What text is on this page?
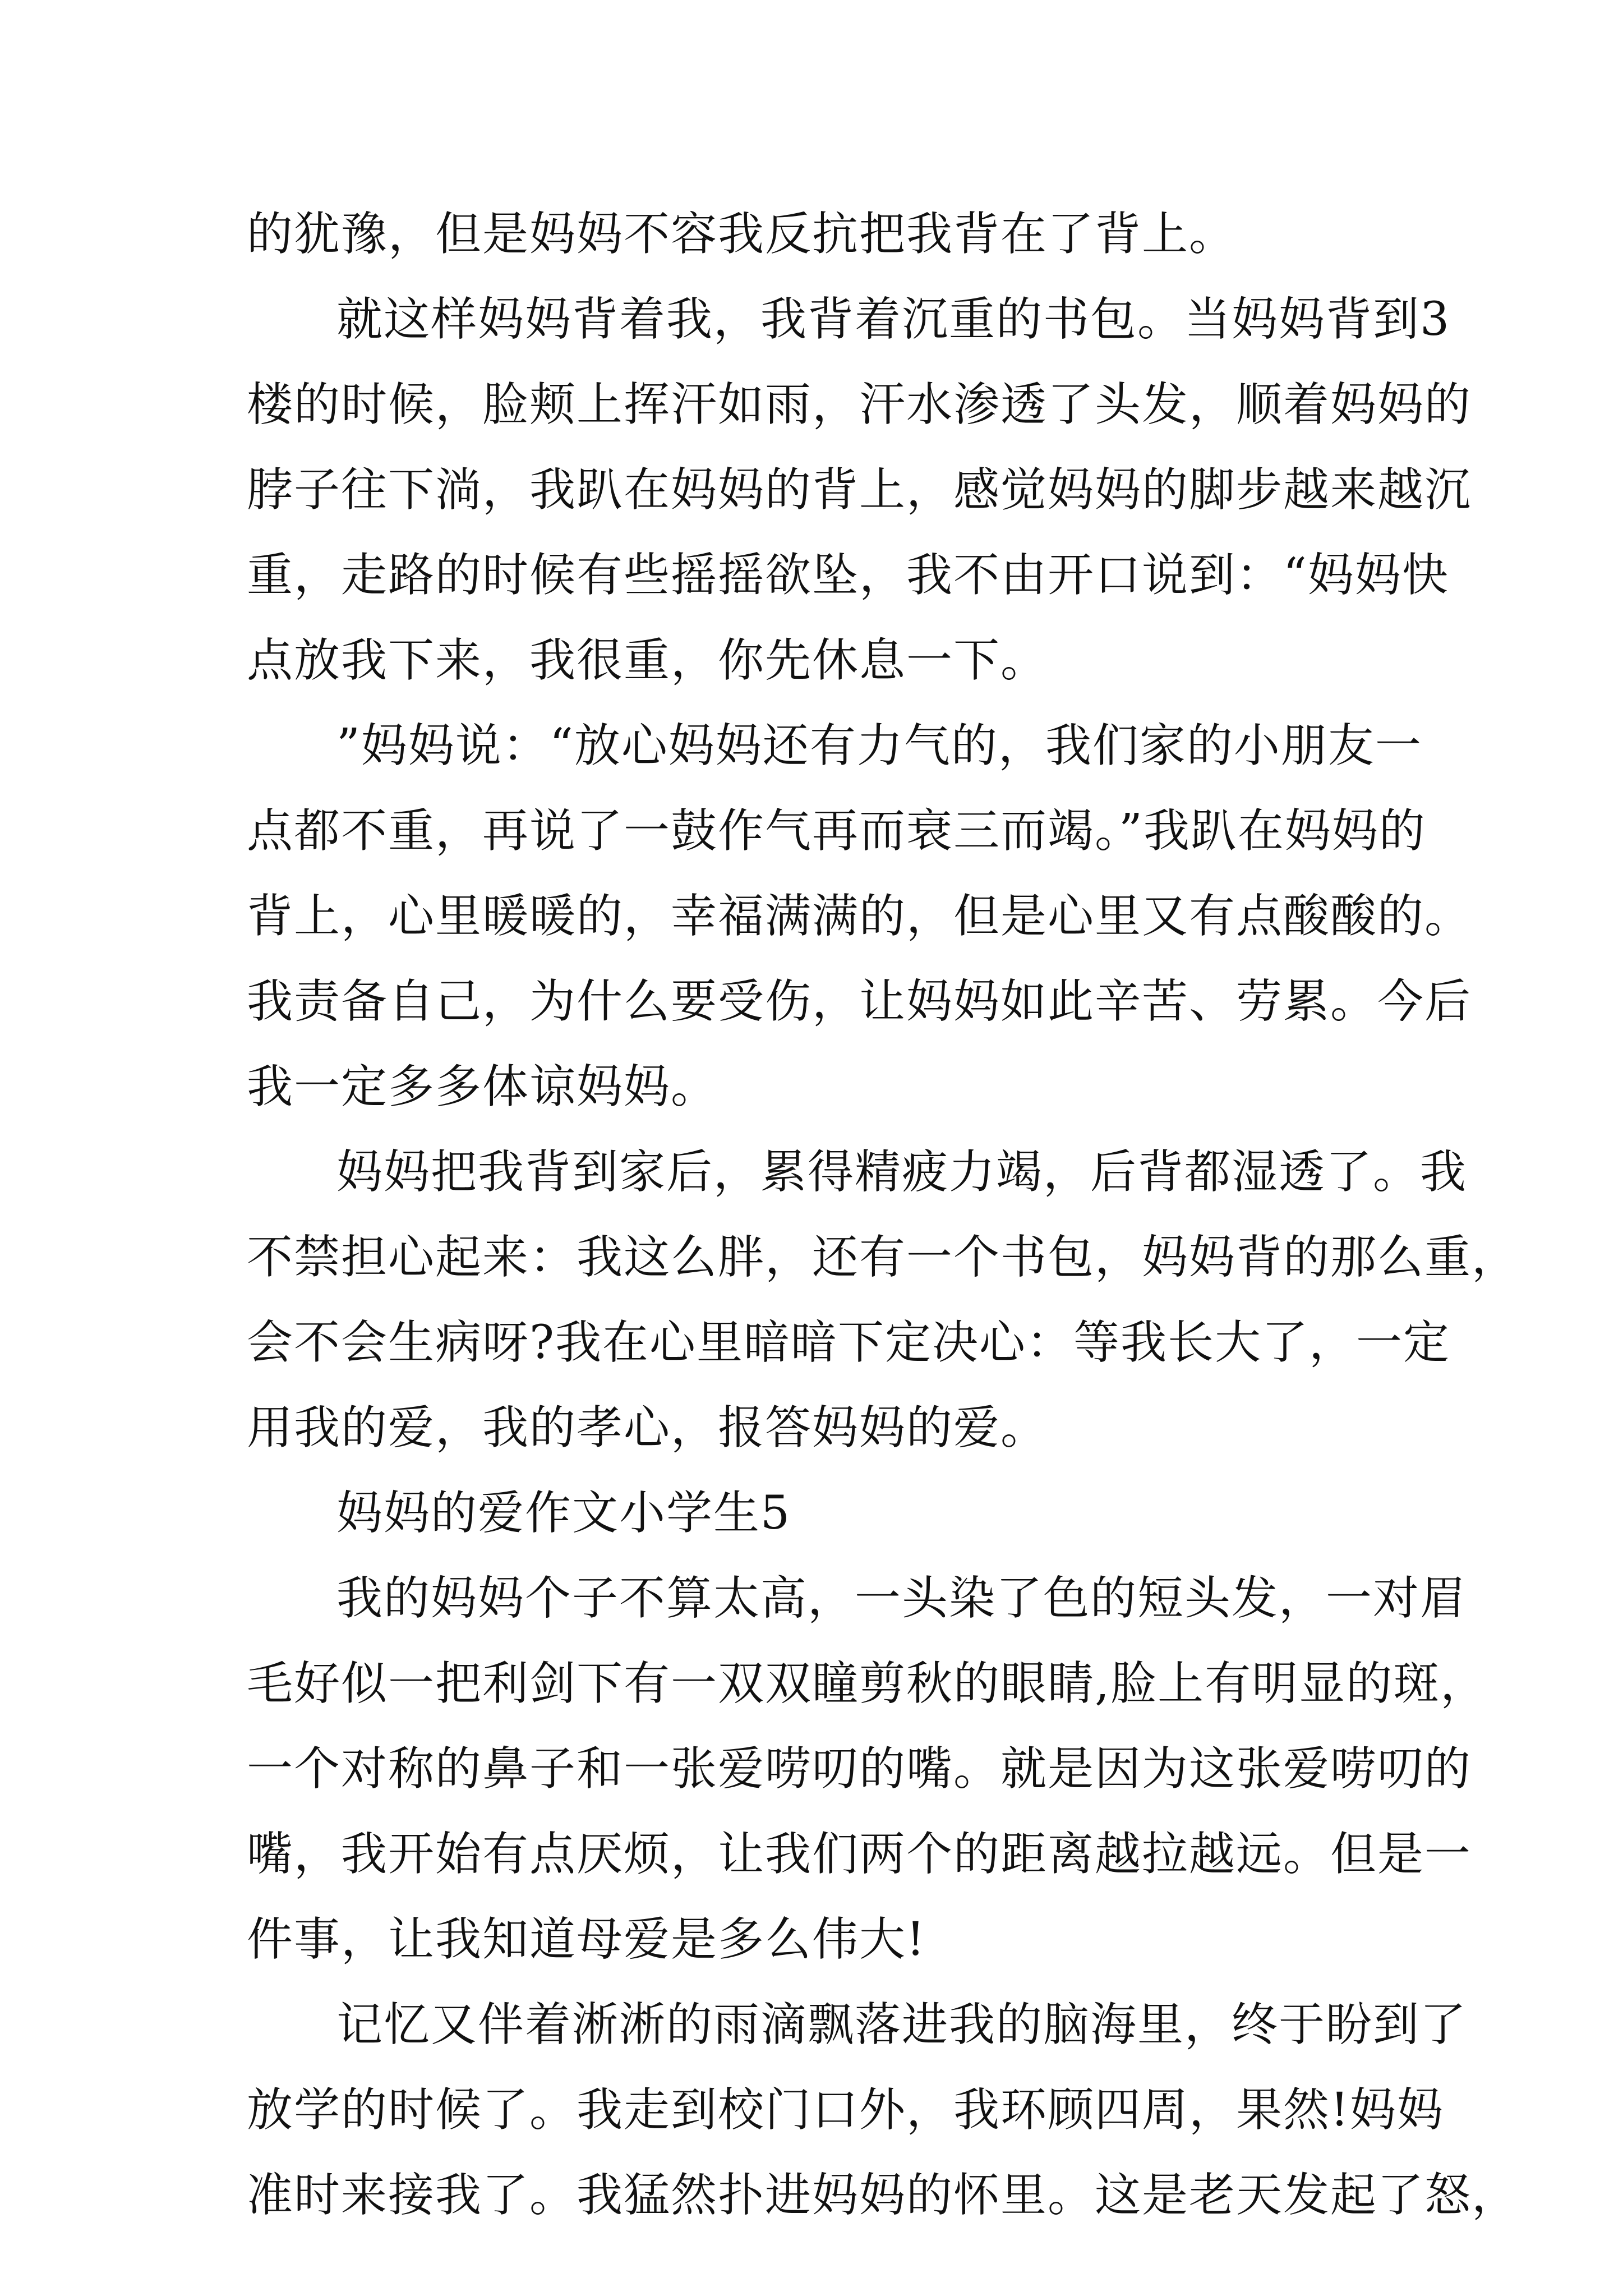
的犹豫，但是妈妈不容我反抗把我背在了背上。
就这样妈妈背着我，我背着沉重的书包。当妈妈背到3
楼的时候，脸颊上挥汗如雨，汗水渗透了头发，顺着妈妈的
脖子往下淌，我趴在妈妈的背上，感觉妈妈的脚步越来越沉
重，走路的时候有些摇摇欲坠，我不由开口说到：“妈妈快
点放我下来，我很重，你先休息一下。
”妈妈说：“放心妈妈还有力气的，我们家的小朋友一
点都不重，再说了一鼓作气再而衰三而竭。”我趴在妈妈的
背上，心里暖暖的，幸福满满的，但是心里又有点酸酸的。
我责备自己，为什么要受伤，让妈妈如此辛苦、劳累。今后
我一定多多体谅妈妈。
妈妈把我背到家后，累得精疲力竭，后背都湿透了。我
不禁担心起来：我这么胖，还有一个书包，妈妈背的那么重，
会不会生病呀?我在心里暗暗下定决心：等我长大了，一定
用我的爱，我的孝心，报答妈妈的爱。
妈妈的爱作文小学生5
我的妈妈个子不算太高，一头染了色的短头发，一对眉
毛好似一把利剑下有一双双瞳剪秋的眼睛,脸上有明显的斑，
一个对称的鼻子和一张爱唠叨的嘴。就是因为这张爱唠叨的
嘴，我开始有点厌烦，让我们两个的距离越拉越远。但是一
件事，让我知道母爱是多么伟大!
记忆又伴着淅淅的雨滴飘落进我的脑海里，终于盼到了
放学的时候了。我走到校门口外，我环顾四周，果然!妈妈
准时来接我了。我猛然扑进妈妈的怀里。这是老天发起了怒，
